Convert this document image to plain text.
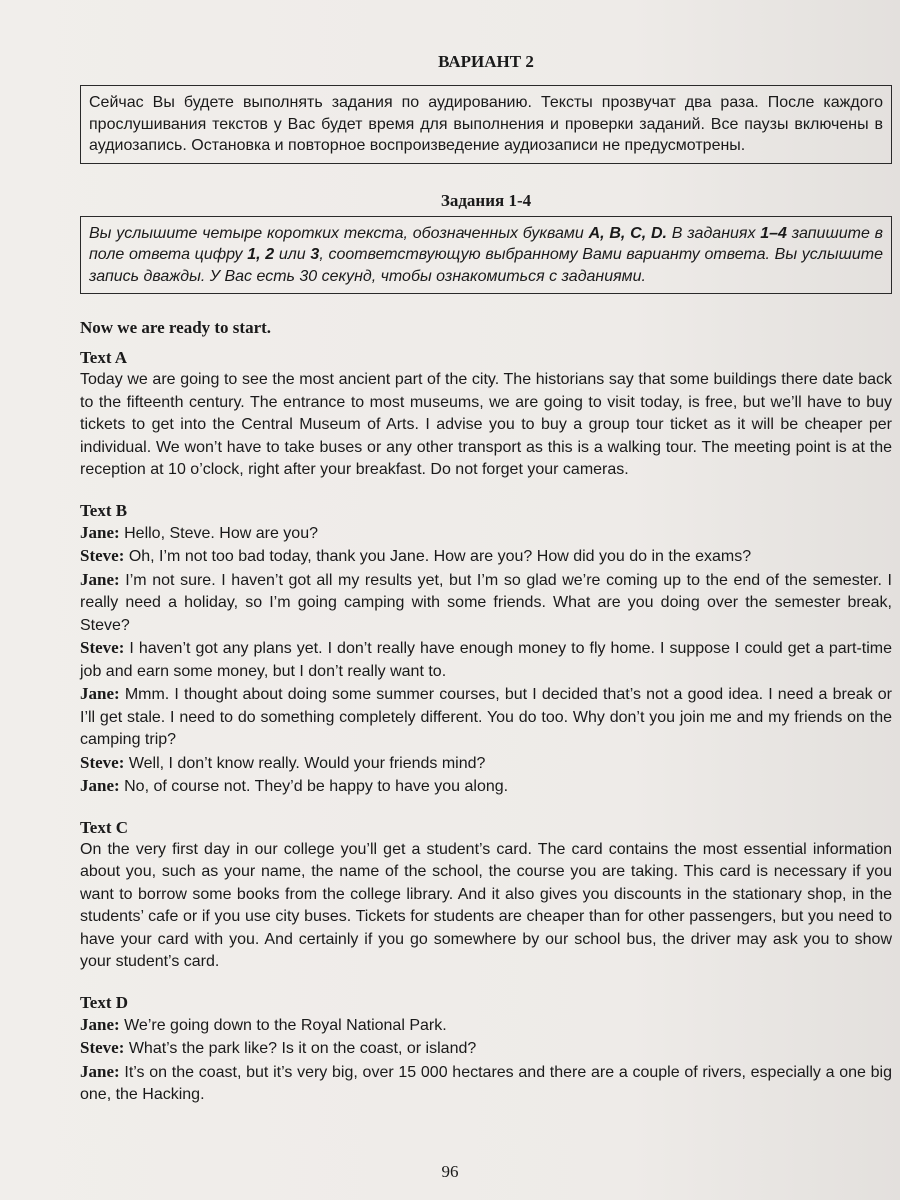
ВАРИАНТ 2
Сейчас Вы будете выполнять задания по аудированию. Тексты прозвучат два раза. После каждого прослушивания текстов у Вас будет время для выполнения и проверки заданий. Все паузы включены в аудиозапись. Остановка и повторное воспроизведение аудиозаписи не предусмотрены.
Задания 1-4
Вы услышите четыре коротких текста, обозначенных буквами A, B, C, D. В заданиях 1–4 запишите в поле ответа цифру 1, 2 или 3, соответствующую выбранному Вами варианту ответа. Вы услышите запись дважды. У Вас есть 30 секунд, чтобы ознакомиться с заданиями.
Now we are ready to start.
Text A

Today we are going to see the most ancient part of the city. The historians say that some buildings there date back to the fifteenth century. The entrance to most museums, we are going to visit today, is free, but we’ll have to buy tickets to get into the Central Museum of Arts. I advise you to buy a group tour ticket as it will be cheaper per individual. We won’t have to take buses or any other transport as this is a walking tour. The meeting point is at the reception at 10 o’clock, right after your breakfast. Do not forget your cameras.

Text B

Jane: Hello, Steve. How are you?

Steve: Oh, I’m not too bad today, thank you Jane. How are you? How did you do in the exams?

Jane: I’m not sure. I haven’t got all my results yet, but I’m so glad we’re coming up to the end of the semester. I really need a holiday, so I’m going camping with some friends. What are you doing over the semester break, Steve?

Steve: I haven’t got any plans yet. I don’t really have enough money to fly home. I suppose I could get a part-time job and earn some money, but I don’t really want to.

Jane: Mmm. I thought about doing some summer courses, but I decided that’s not a good idea. I need a break or I’ll get stale. I need to do something completely different. You do too. Why don’t you join me and my friends on the camping trip?

Steve: Well, I don’t know really. Would your friends mind?

Jane: No, of course not. They’d be happy to have you along.

Text C

On the very first day in our college you’ll get a student’s card. The card contains the most essential information about you, such as your name, the name of the school, the course you are taking. This card is necessary if you want to borrow some books from the college library. And it also gives you discounts in the stationary shop, in the students’ cafe or if you use city buses. Tickets for students are cheaper than for other passengers, but you need to have your card with you. And certainly if you go somewhere by our school bus, the driver may ask you to show your student’s card.

Text D

Jane: We’re going down to the Royal National Park.

Steve: What’s the park like? Is it on the coast, or island?

Jane: It’s on the coast, but it’s very big, over 15 000 hectares and there are a couple of rivers, especially a one big one, the Hacking.

96
